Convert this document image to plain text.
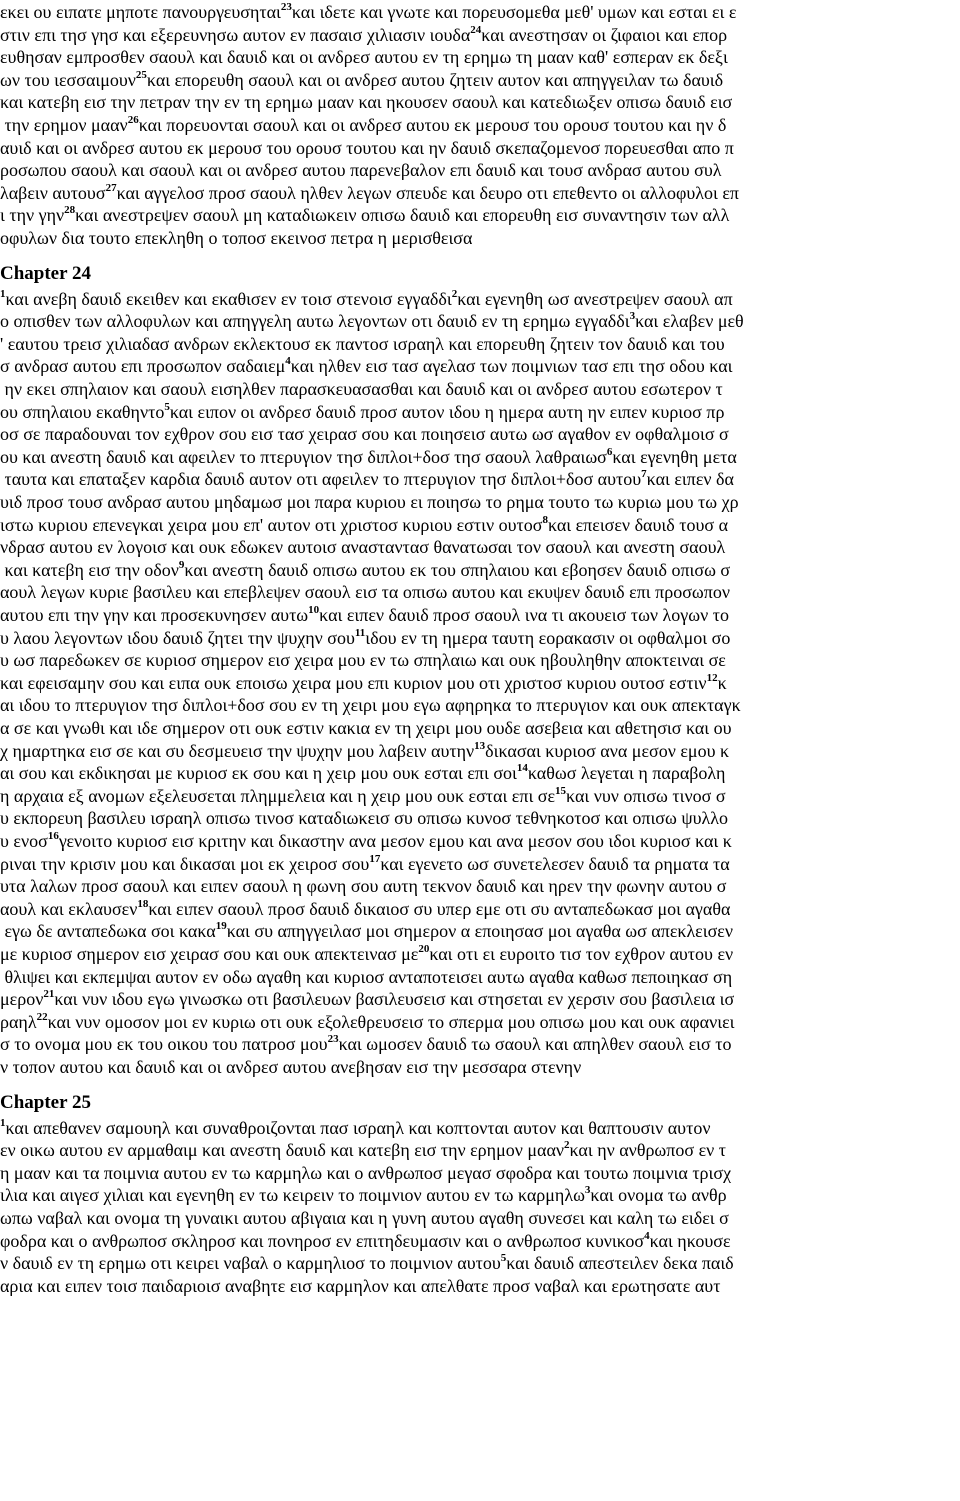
εκει ου ειπατε μηποτε πανουργευσηται$^{23}$και ιδετε και γνωτε και πορευσομεθα μεθ' υμων και εσται ει ε
στιν επι τησ γησ και εξερευνησω αυτον εν πασαισ χιλιασιν ιουδα$^{24}$και ανεστησαν οι ζιφαιοι και επορ
ευθησαν εμπροσθεν σαουλ και δαυιδ και οι ανδρεσ αυτου εν τη ερημω τη μααν καθ' εσπεραν εκ δεξι
ων του ιεσσαιμουν$^{25}$και επορευθη σαουλ και οι ανδρεσ αυτου ζητειν αυτον και απηγγειλαν τω δαυιδ
και κατεβη εισ την πετραν την εν τη ερημω μααν και ηκουσεν σαουλ και κατεδιωξεν οπισω δαυιδ εισ
την ερημον μααν$^{26}$και πορευονται σαουλ και οι ανδρεσ αυτου εκ μερουσ του ορουσ τουτου και ην δ
αυιδ και οι ανδρεσ αυτου εκ μερουσ του ορουσ τουτου και ην δαυιδ σκεπαζομενοσ πορευεσθαι απο π
ροσωπου σαουλ και σαουλ και οι ανδρεσ αυτου παρενεβαλον επι δαυιδ και τουσ ανδρασ αυτου συλ
λαβειν αυτουσ$^{27}$και αγγελοσ προσ σαουλ ηλθεν λεγων σπευδε και δευρο οτι επεθεντο οι αλλοφυλοι επ
ι την γην$^{28}$και ανεστρεψεν σαουλ μη καταδιωκειν οπισω δαυιδ και επορευθη εισ συναντησιν των αλλ
οφυλων δια τουτο επεκληθη ο τοποσ εκεινοσ πετρα η μερισθεισα
Chapter 24
$^1$και ανεβη δαυιδ εκειθεν και εκαθισεν εν τοισ στενοισ εγγαδδι$^2$και εγενηθη ωσ ανεστρεψεν σαουλ απ
ο οπισθεν των αλλοφυλων και απηγγελη αυτω λεγοντων οτι δαυιδ εν τη ερημω εγγαδδι$^3$και ελαβεν μεθ
' εαυτου τρεισ χιλιαδασ ανδρων εκλεκτουσ εκ παντοσ ισραηλ και επορευθη ζητειν τον δαυιδ και του
σ ανδρασ αυτου επι προσωπον σαδαιεμ$^4$και ηλθεν εισ τασ αγελασ των ποιμνιων τασ επι τησ οδου και
ην εκει σπηλαιον και σαουλ εισηλθεν παρασκευασασθαι και δαυιδ και οι ανδρεσ αυτου εσωτερον τ
ου σπηλαιου εκαθηντο$^5$και ειπον οι ανδρεσ δαυιδ προσ αυτον ιδου η ημερα αυτη ην ειπεν κυριοσ πρ
οσ σε παραδουναι τον εχθρον σου εισ τασ χειρασ σου και ποιησεισ αυτω ωσ αγαθον εν οφθαλμοισ σ
ου και ανεστη δαυιδ και αφειλεν το πτερυγιον τησ διπλοι+δοσ τησ σαουλ λαθραιωσ$^6$και εγενηθη μετα
ταυτα και επαταξεν καρδια δαυιδ αυτον οτι αφειλεν το πτερυγιον τησ διπλοι+δοσ αυτου$^7$και ειπεν δα
υιδ προσ τουσ ανδρασ αυτου μηδαμωσ μοι παρα κυριου ει ποιησω το ρημα τουτο τω κυριω μου τω χρ
ιστω κυριου επενεγκαι χειρα μου επ' αυτον οτι χριστοσ κυριου εστιν ουτοσ$^8$και επεισεν δαυιδ τουσ α
νδρασ αυτου εν λογοισ και ουκ εδωκεν αυτοισ ανασταντασ θανατωσαι τον σαουλ και ανεστη σαουλ
και κατεβη εισ την οδον$^9$και ανεστη δαυιδ οπισω αυτου εκ του σπηλαιου και εβοησεν δαυιδ οπισω σ
αουλ λεγων κυριε βασιλευ και επεβλεψεν σαουλ εισ τα οπισω αυτου και εκυψεν δαυιδ επι προσωπον
αυτου επι την γην και προσεκυνησεν αυτω$^{10}$και ειπεν δαυιδ προσ σαουλ ινα τι ακουεισ των λογων το
υ λαου λεγοντων ιδου δαυιδ ζητει την ψυχην σου$^{11}$ιδου εν τη ημερα ταυτη εορακασιν οι οφθαλμοι σο
υ ωσ παρεδωκεν σε κυριοσ σημερον εισ χειρα μου εν τω σπηλαιω και ουκ ηβουληθην αποκτειναι σε
και εφεισαμην σου και ειπα ουκ εποισω χειρα μου επι κυριον μου οτι χριστοσ κυριου ουτοσ εστιν$^{12}$κ
αι ιδου το πτερυγιον τησ διπλοι+δοσ σου εν τη χειρι μου εγω αφηρηκα το πτερυγιον και ουκ απεκταγκ
α σε και γνωθι και ιδε σημερον οτι ουκ εστιν κακια εν τη χειρι μου ουδε ασεβεια και αθετησισ και ου
χ ημαρτηκα εισ σε και συ δεσμευεισ την ψυχην μου λαβειν αυτην$^{13}$δικασαι κυριοσ ανα μεσον εμου κ
αι σου και εκδικησαι με κυριοσ εκ σου και η χειρ μου ουκ εσται επι σοι$^{14}$καθωσ λεγεται η παραβολη
η αρχαια εξ ανομων εξελευσεται πλημμελεια και η χειρ μου ουκ εσται επι $\sigma\varepsilon^{15}\kappa\alpha\iota$ νυν οπισω τινοσ σ
υ εκπορευη βασιλευ ισραηλ οπισω τινοσ καταδιωκεισ συ οπισω κυνοσ τεθνηκοτοσ και οπισω ψυλλο
υ ενοσ$^{16}$γενοιτο κυριοσ εισ κριτην και δικαστην ανα μεσον εμου και ανα μεσον σου ιδοι κυριοσ και κ
ριναι την κρισιν μου και δικασαι μοι εκ χειροσ σου$^{17}$και εγενετο ωσ συνετελεσεν δαυιδ τα ρηματα τα
υτα λαλων προσ σαουλ και ειπεν σαουλ η φωνη σου αυτη τεκνον δαυιδ και ηρεν την φωνην αυτου σ
αουλ και εκλαυσεν$^{18}$και ειπεν σαουλ προσ δαυιδ δικαιοσ συ υπερ εμε οτι συ ανταπεδωκασ μοι αγαθα
εγω δε ανταπεδωκα σοι κακα$^{19}$και συ απηγγειλασ μοι σημερον α εποιησασ μοι αγαθα ωσ απεκλεισεν
με κυριοσ σημερον εισ χειρασ σου και ουκ απεκτεινασ $\mu\varepsilon^{20}\kappa\alpha\iota$ οτι ει ευροιτο τισ τον εχθρον αυτου εν
θλιψει και εκπεμψαι αυτον εν οδω αγαθη και κυριοσ ανταποτεισει αυτω αγαθα καθωσ πεποιηκασ ση
μερον$^{21}$και νυν ιδου εγω γινωσκω οτι βασιλευων βασιλευσεισ και στησεται εν χερσιν σου βασιλεια ισ
ραηλ$^{22}$και νυν ομοσον μοι εν κυριω οτι ουκ εξολεθρευσεισ το σπερμα μου οπισω μου και ουκ αφανιει
σ το ονομα μου εκ του οικου του πατροσ μου$^{23}$και ωμοσεν δαυιδ τω σαουλ και απηλθεν σαουλ εισ το
ν τοπον αυτου και δαυιδ και οι ανδρεσ αυτου ανεβησαν εισ την μεσσαρα στενην
Chapter 25
$^1$και απεθανεν σαμουηλ και συναθροιζονται πασ ισραηλ και κοπτονται αυτον και θαπτουσιν αυτον
εν οικω αυτου εν αρμαθαιμ και ανεστη δαυιδ και κατεβη εισ την ερημον μααν$^2$και ην ανθρωποσ εν τ
η μααν και τα ποιμνια αυτου εν τω καρμηλω και ο ανθρωποσ μεγασ σφοδρα και τουτω ποιμνια τρισχ
ιλια και αιγεσ χιλιαι και εγενηθη εν τω κειρειν το ποιμνιον αυτου εν τω καρμηλω$^3$και ονομα τω ανθρ
ωπω ναβαλ και ονομα τη γυναικι αυτου αβιγαια και η γυνη αυτου αγαθη συνεσει και καλη τω ειδει σ
φοδρα και ο ανθρωποσ σκληροσ και πονηροσ εν επιτηδευμασιν και ο ανθρωποσ κυνικοσ$^4$και ηκουσε
ν δαυιδ εν τη ερημω οτι κειρει ναβαλ ο καρμηλιοσ το ποιμνιον αυτου$^5$και δαυιδ απεστειλεν δεκα παιδ
αρια και ειπεν τοισ παιδαριοισ αναβητε εισ καρμηλον και απελθατε προσ ναβαλ και ερωτησατε αυτ
